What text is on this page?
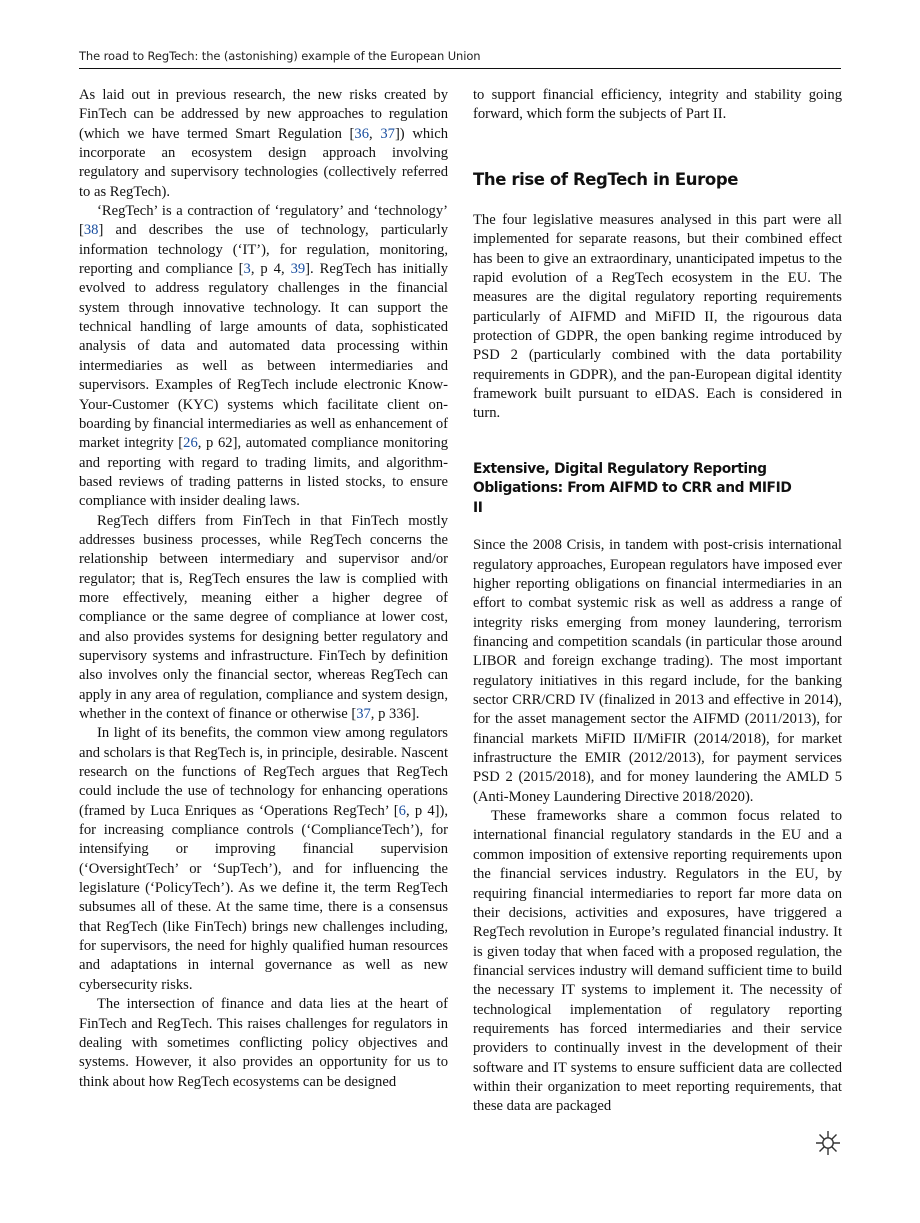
The road to RegTech: the (astonishing) example of the European Union

As laid out in previous research, the new risks created by FinTech can be addressed by new approaches to regulation (which we have termed Smart Regulation [36, 37]) which incorporate an ecosystem design approach involving regulatory and supervisory technologies (collectively referred to as RegTech).

‘RegTech’ is a contraction of ‘regulatory’ and ‘technology’ [38] and describes the use of technology, particularly information technology (‘IT’), for regulation, monitoring, reporting and compliance [3, p 4, 39]. RegTech has initially evolved to address regulatory challenges in the financial system through innovative technology. It can support the technical handling of large amounts of data, sophisticated analysis of data and automated data processing within intermediaries as well as between intermediaries and supervisors. Examples of RegTech include electronic Know-Your-Customer (KYC) systems which facilitate client on-boarding by financial intermediaries as well as enhancement of market integrity [26, p 62], automated compliance monitoring and reporting with regard to trading limits, and algorithm-based reviews of trading patterns in listed stocks, to ensure compliance with insider dealing laws.

RegTech differs from FinTech in that FinTech mostly addresses business processes, while RegTech concerns the relationship between intermediary and supervisor and/or regulator; that is, RegTech ensures the law is complied with more effectively, meaning either a higher degree of compliance or the same degree of compliance at lower cost, and also provides systems for designing better regulatory and supervisory systems and infrastructure. FinTech by definition also involves only the financial sector, whereas RegTech can apply in any area of regulation, compliance and system design, whether in the context of finance or otherwise [37, p 336].

In light of its benefits, the common view among regulators and scholars is that RegTech is, in principle, desirable. Nascent research on the functions of RegTech argues that RegTech could include the use of technology for enhancing operations (framed by Luca Enriques as ‘Operations RegTech’ [6, p 4]), for increasing compliance controls (‘ComplianceTech’), for intensifying or improving financial supervision (‘OversightTech’ or ‘SupTech’), and for influencing the legislature (‘PolicyTech’). As we define it, the term RegTech subsumes all of these. At the same time, there is a consensus that RegTech (like FinTech) brings new challenges including, for supervisors, the need for highly qualified human resources and adaptations in internal governance as well as new cybersecurity risks.

The intersection of finance and data lies at the heart of FinTech and RegTech. This raises challenges for regulators in dealing with sometimes conflicting policy objectives and systems. However, it also provides an opportunity for us to think about how RegTech ecosystems can be designed

to support financial efficiency, integrity and stability going forward, which form the subjects of Part II.

The rise of RegTech in Europe

The four legislative measures analysed in this part were all implemented for separate reasons, but their combined effect has been to give an extraordinary, unanticipated impetus to the rapid evolution of a RegTech ecosystem in the EU. The measures are the digital regulatory reporting requirements particularly of AIFMD and MiFID II, the rigourous data protection of GDPR, the open banking regime introduced by PSD 2 (particularly combined with the data portability requirements in GDPR), and the pan-European digital identity framework built pursuant to eIDAS. Each is considered in turn.

Extensive, Digital Regulatory Reporting Obligations: From AIFMD to CRR and MIFID II

Since the 2008 Crisis, in tandem with post-crisis international regulatory approaches, European regulators have imposed ever higher reporting obligations on financial intermediaries in an effort to combat systemic risk as well as address a range of integrity risks emerging from money laundering, terrorism financing and competition scandals (in particular those around LIBOR and foreign exchange trading). The most important regulatory initiatives in this regard include, for the banking sector CRR/CRD IV (finalized in 2013 and effective in 2014), for the asset management sector the AIFMD (2011/2013), for financial markets MiFID II/MiFIR (2014/2018), for market infrastructure the EMIR (2012/2013), for payment services PSD 2 (2015/2018), and for money laundering the AMLD 5 (Anti-Money Laundering Directive 2018/2020).

These frameworks share a common focus related to international financial regulatory standards in the EU and a common imposition of extensive reporting requirements upon the financial services industry. Regulators in the EU, by requiring financial intermediaries to report far more data on their decisions, activities and exposures, have triggered a RegTech revolution in Europe’s regulated financial industry. It is given today that when faced with a proposed regulation, the financial services industry will demand sufficient time to build the necessary IT systems to implement it. The necessity of technological implementation of regulatory reporting requirements has forced intermediaries and their service providers to continually invest in the development of their software and IT systems to ensure sufficient data are collected within their organization to meet reporting requirements, that these data are packaged
